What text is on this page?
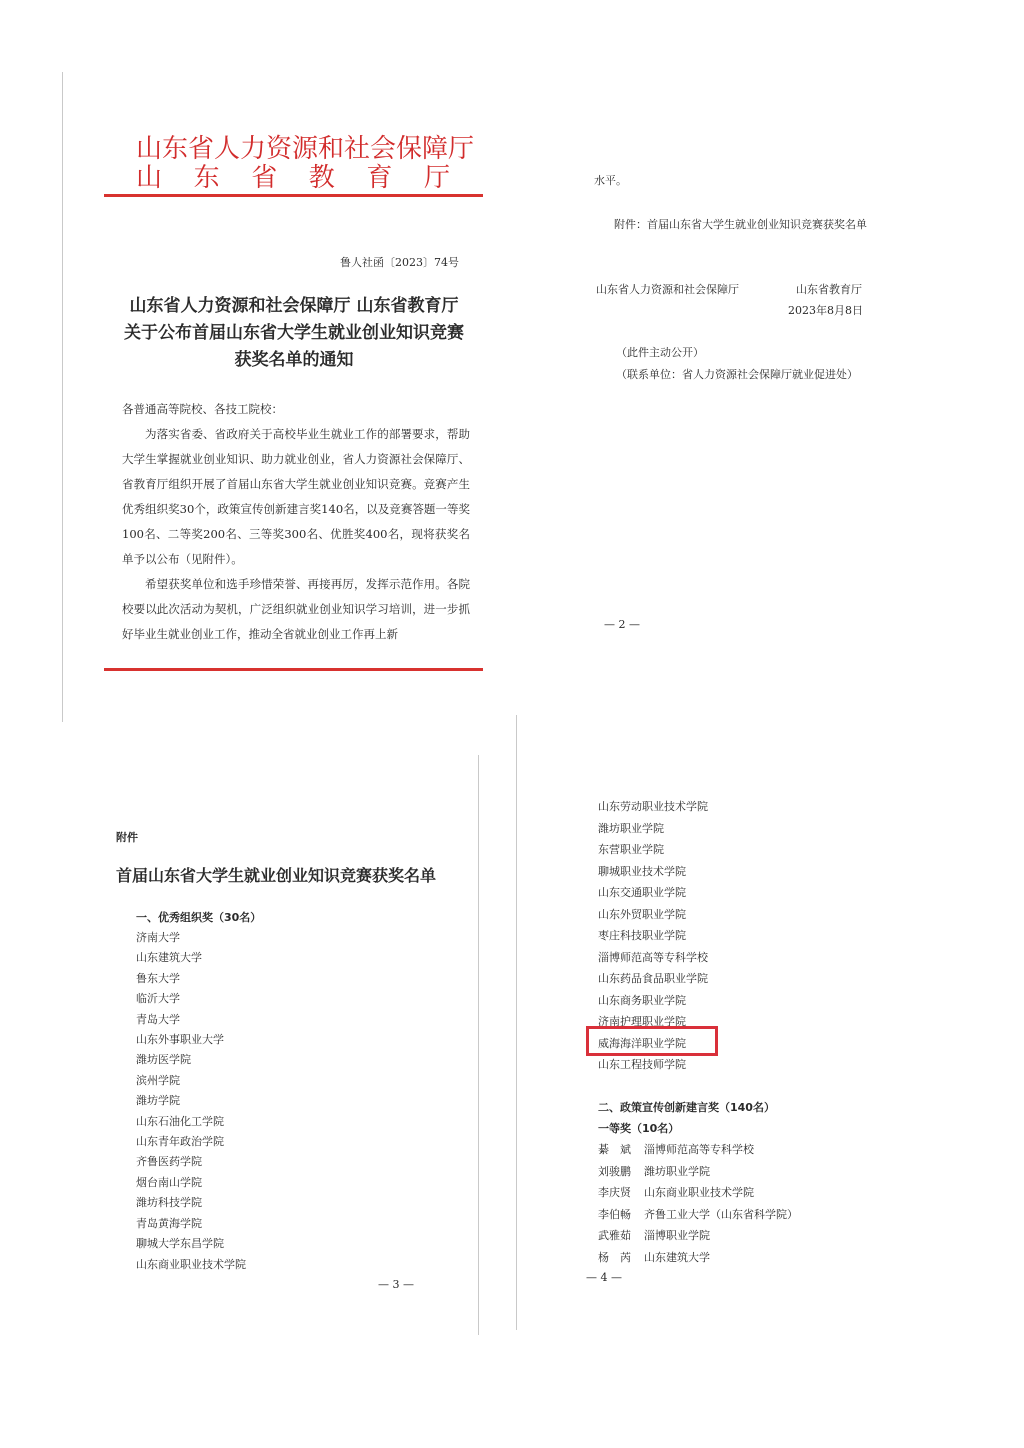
山东省人力资源和社会保障厅
山 东 省 教 育 厅
鲁人社函〔2023〕74号
山东省人力资源和社会保障厅 山东省教育厅
关于公布首届山东省大学生就业创业知识竞赛
获奖名单的通知

各普通高等院校、各技工院校：

为落实省委、省政府关于高校毕业生就业工作的部署要求，帮助大学生掌握就业创业知识、助力就业创业，省人力资源社会保障厅、省教育厅组织开展了首届山东省大学生就业创业知识竞赛。竞赛产生优秀组织奖30个，政策宣传创新建言奖140名，以及竞赛答题一等奖100名、二等奖200名、三等奖300名、优胜奖400名，现将获奖名单予以公布（见附件）。

希望获奖单位和选手珍惜荣誉、再接再厉，发挥示范作用。各院校要以此次活动为契机，广泛组织就业创业知识学习培训，进一步抓好毕业生就业创业工作，推动全省就业创业工作再上新

水平。
附件：首届山东省大学生就业创业知识竞赛获奖名单
山东省人力资源和社会保障厅	山东省教育厅
2023年8月8日
（此件主动公开）
（联系单位：省人力资源社会保障厅就业促进处）
— 2 —
附件
首届山东省大学生就业创业知识竞赛获奖名单
一、优秀组织奖（30名）
济南大学
山东建筑大学
鲁东大学
临沂大学
青岛大学
山东外事职业大学
潍坊医学院
滨州学院
潍坊学院
山东石油化工学院
山东青年政治学院
齐鲁医药学院
烟台南山学院
潍坊科技学院
青岛黄海学院
聊城大学东昌学院
山东商业职业技术学院
— 3 —
山东劳动职业技术学院
潍坊职业学院
东营职业学院
聊城职业技术学院
山东交通职业学院
山东外贸职业学院
枣庄科技职业学院
淄博师范高等专科学校
山东药品食品职业学院
山东商务职业学院
济南护理职业学院
威海海洋职业学院
山东工程技师学院
二、政策宣传创新建言奖（140名）
一等奖（10名）
綦　斌 淄博师范高等专科学校
刘骏鹏 潍坊职业学院
李庆贤 山东商业职业技术学院
李伯畅 齐鲁工业大学（山东省科学院）
武雅茹 淄博职业学院
杨　芮 山东建筑大学
— 4 —
